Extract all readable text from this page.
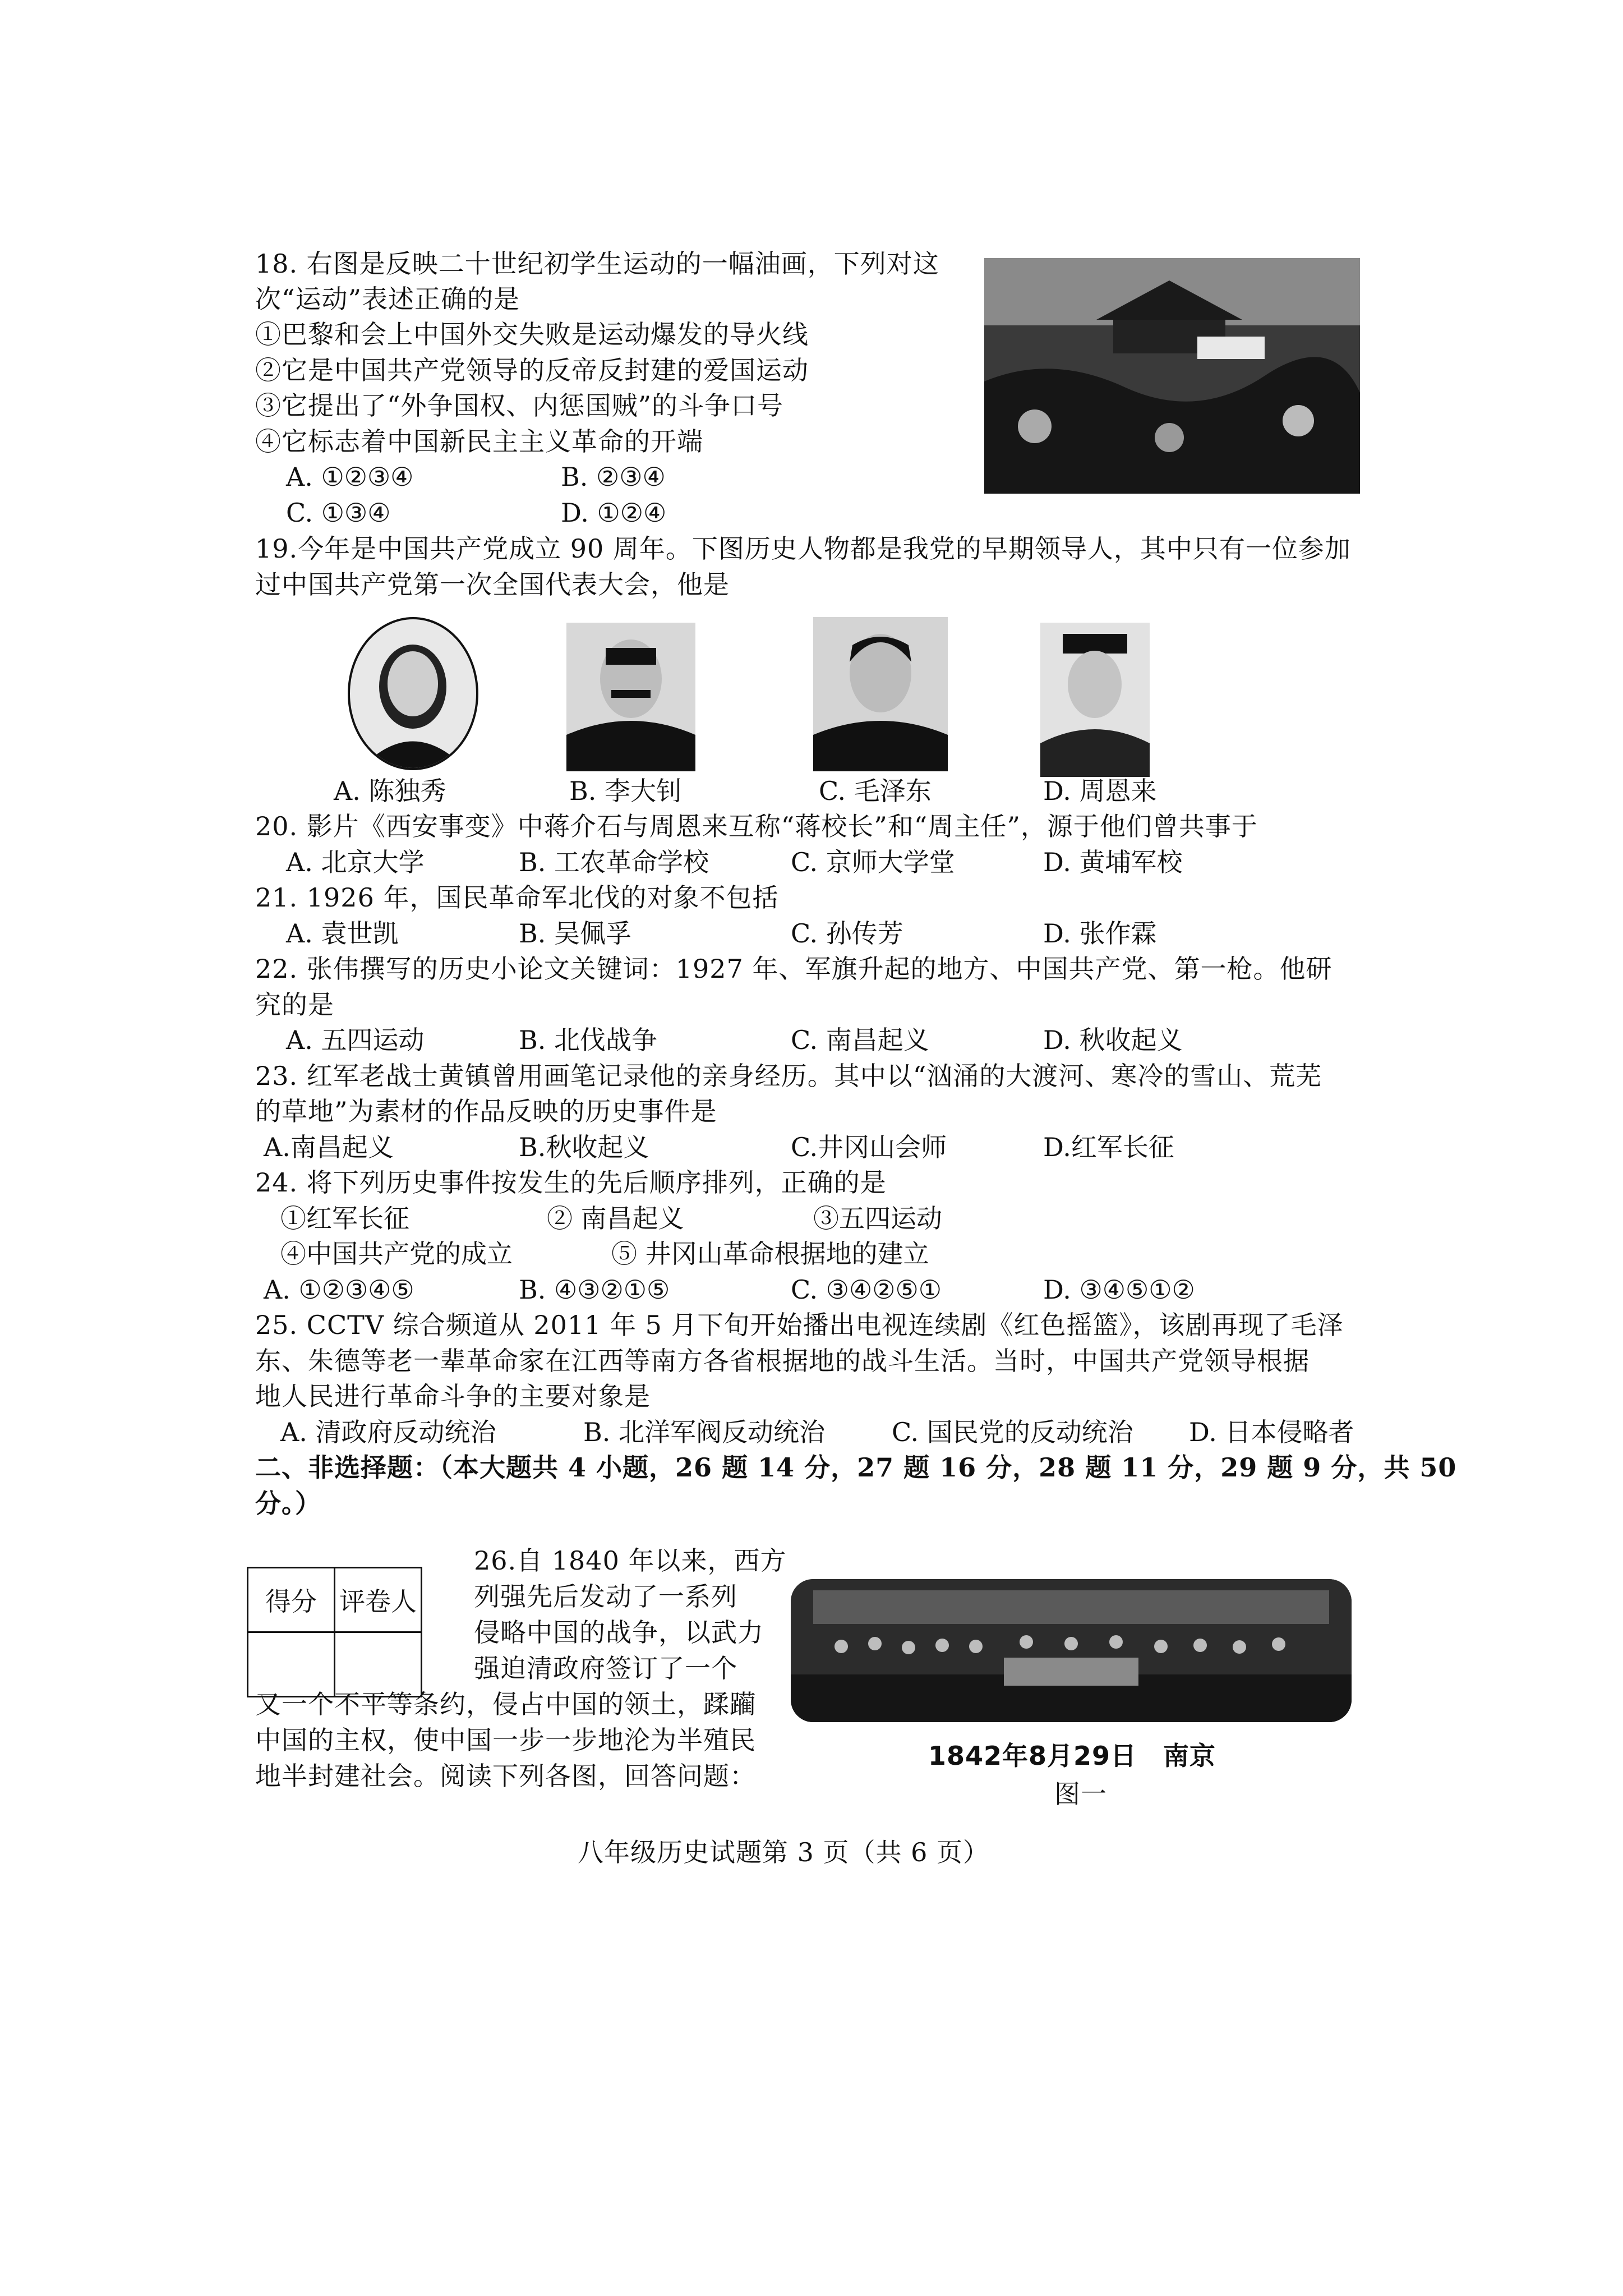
18. 右图是反映二十世纪初学生运动的一幅油画，下列对这
次“运动”表述正确的是
①巴黎和会上中国外交失败是运动爆发的导火线
②它是中国共产党领导的反帝反封建的爱国运动
③它提出了“外争国权、内惩国贼”的斗争口号
④它标志着中国新民主主义革命的开端
A. ①②③④	B. ②③④
C. ①③④	D. ①②④
19.今年是中国共产党成立 90 周年。下图历史人物都是我党的早期领导人，其中只有一位参加
过中国共产党第一次全国代表大会，他是
A. 陈独秀	B. 李大钊	C. 毛泽东	D. 周恩来
20. 影片《西安事变》中蒋介石与周恩来互称“蒋校长”和“周主任”，源于他们曾共事于
A. 北京大学	B. 工农革命学校	C. 京师大学堂	D. 黄埔军校
21. 1926 年，国民革命军北伐的对象不包括
A. 袁世凯	B. 吴佩孚	C. 孙传芳	D. 张作霖
22. 张伟撰写的历史小论文关键词：1927 年、军旗升起的地方、中国共产党、第一枪。他研
究的是
A. 五四运动	B. 北伐战争	C. 南昌起义	D. 秋收起义
23. 红军老战士黄镇曾用画笔记录他的亲身经历。其中以“汹涌的大渡河、寒冷的雪山、荒芜
的草地”为素材的作品反映的历史事件是
A.南昌起义	B.秋收起义	C.井冈山会师	D.红军长征
24. 将下列历史事件按发生的先后顺序排列，正确的是
①红军长征	② 南昌起义	③五四运动
④中国共产党的成立	⑤ 井冈山革命根据地的建立
A. ①②③④⑤	B. ④③②①⑤	C. ③④②⑤①	D. ③④⑤①②
25. CCTV 综合频道从 2011 年 5 月下旬开始播出电视连续剧《红色摇篮》，该剧再现了毛泽
东、朱德等老一辈革命家在江西等南方各省根据地的战斗生活。当时，中国共产党领导根据
地人民进行革命斗争的主要对象是
A. 清政府反动统治	B. 北洋军阀反动统治	C. 国民党的反动统治 D. 日本侵略者
二、非选择题：（本大题共 4 小题，26 题 14 分，27 题 16 分，28 题 11 分，29 题 9 分，共 50
分。）
得分	评卷人

26.自 1840 年以来，西方
列强先后发动了一系列
侵略中国的战争，以武力
强迫清政府签订了一个
又一个不平等条约，侵占中国的领土，蹂躏
中国的主权，使中国一步一步地沦为半殖民
地半封建社会。阅读下列各图，回答问题：
1842年8月29日　南京
图一
八年级历史试题第 3 页（共 6 页）
